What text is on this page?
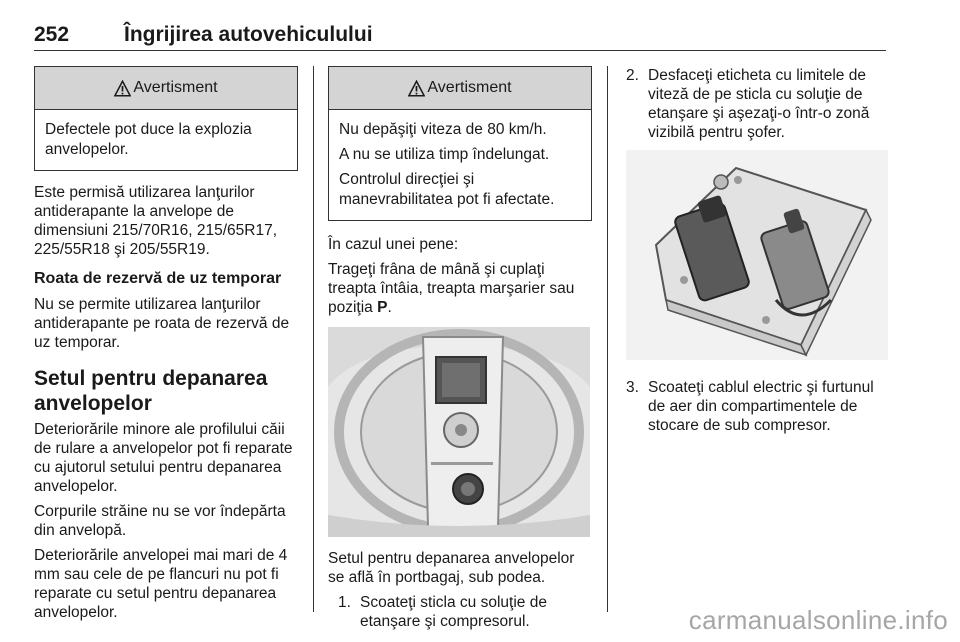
252	Îngrijirea autovehiculului
Avertisment

Defectele pot duce la explozia anvelopelor.

Este permisă utilizarea lanţurilor antiderapante la anvelope de dimensiuni 215/70R16, 215/65R17, 225/55R18 şi 205/55R19.

Roata de rezervă de uz temporar

Nu se permite utilizarea lanţurilor antiderapante pe roata de rezervă de uz temporar.

Setul pentru depanarea anvelopelor

Deteriorările minore ale profilului căii de rulare a anvelopelor pot fi reparate cu ajutorul setului pentru depanarea anvelopelor.

Corpurile străine nu se vor îndepărta din anvelopă.

Deteriorările anvelopei mai mari de 4 mm sau cele de pe flancuri nu pot fi reparate cu setul pentru depanarea anvelopelor.

Avertisment

Nu depăşiţi viteza de 80 km/h.

A nu se utiliza timp îndelungat.

Controlul direcţiei şi manevrabilitatea pot fi afectate.

În cazul unei pene:

Trageţi frâna de mână şi cuplaţi treapta întâia, treapta marşarier sau poziţia P.

Setul pentru depanarea anvelopelor se află în portbagaj, sub podea.

1. Scoateţi sticla cu soluţie de etanşare şi compresorul.
2. Desfaceţi eticheta cu limitele de viteză de pe sticla cu soluţie de etanşare şi aşezaţi-o într-o zonă vizibilă pentru şofer.
3. Scoateţi cablul electric şi furtunul de aer din compartimentele de stocare de sub compresor.
carmanualsonline.info
